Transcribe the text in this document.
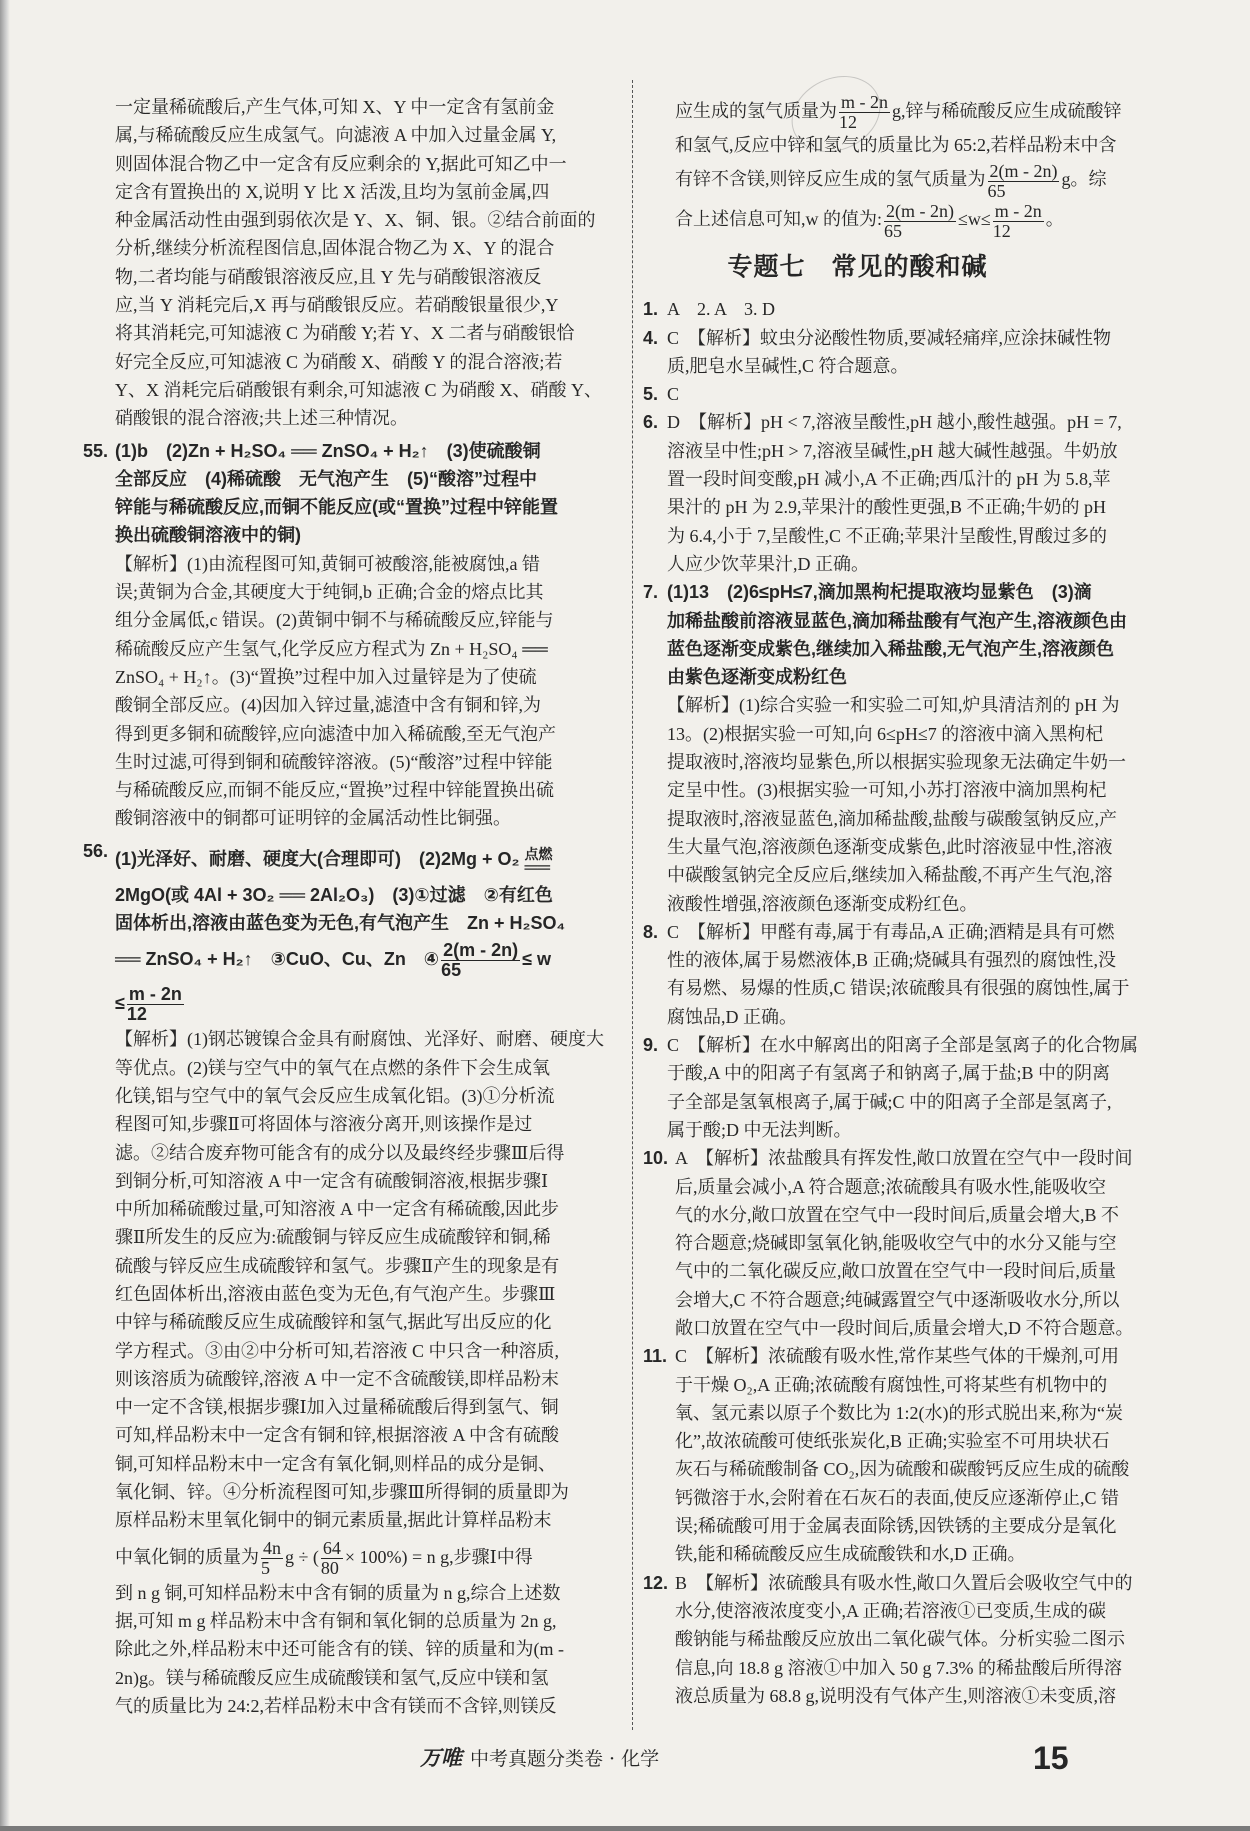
一定量稀硫酸后,产生气体,可知 X、Y 中一定含有氢前金
属,与稀硫酸反应生成氢气。向滤液 A 中加入过量金属 Y,
则固体混合物乙中一定含有反应剩余的 Y,据此可知乙中一
定含有置换出的 X,说明 Y 比 X 活泼,且均为氢前金属,四
种金属活动性由强到弱依次是 Y、X、铜、银。②结合前面的
分析,继续分析流程图信息,固体混合物乙为 X、Y 的混合
物,二者均能与硝酸银溶液反应,且 Y 先与硝酸银溶液反
应,当 Y 消耗完后,X 再与硝酸银反应。若硝酸银量很少,Y
将其消耗完,可知滤液 C 为硝酸 Y;若 Y、X 二者与硝酸银恰
好完全反应,可知滤液 C 为硝酸 X、硝酸 Y 的混合溶液;若
Y、X 消耗完后硝酸银有剩余,可知滤液 C 为硝酸 X、硝酸 Y、
硝酸银的混合溶液;共上述三种情况。
55. (1)b　(2)Zn + H₂SO₄ ══ ZnSO₄ + H₂↑　(3)使硫酸铜
全部反应　(4)稀硫酸　无气泡产生　(5)“酸溶”过程中
锌能与稀硫酸反应,而铜不能反应(或“置换”过程中锌能置
换出硫酸铜溶液中的铜)
【解析】(1)由流程图可知,黄铜可被酸溶,能被腐蚀,a 错
误;黄铜为合金,其硬度大于纯铜,b 正确;合金的熔点比其
组分金属低,c 错误。(2)黄铜中铜不与稀硫酸反应,锌能与
稀硫酸反应产生氢气,化学反应方程式为 Zn + H₂SO₄ ══
ZnSO₄ + H₂↑。(3)“置换”过程中加入过量锌是为了使硫
酸铜全部反应。(4)因加入锌过量,滤渣中含有铜和锌,为
得到更多铜和硫酸锌,应向滤渣中加入稀硫酸,至无气泡产
生时过滤,可得到铜和硫酸锌溶液。(5)“酸溶”过程中锌能
与稀硫酸反应,而铜不能反应,“置换”过程中锌能置换出硫
酸铜溶液中的铜都可证明锌的金属活动性比铜强。
56. (1)光泽好、耐磨、硬度大(合理即可)　(2)2Mg + O₂ 点燃
══
2MgO(或 4Al + 3O₂ ══ 2Al₂O₃)　(3)①过滤　②有红色
固体析出,溶液由蓝色变为无色,有气泡产生　Zn + H₂SO₄
══ ZnSO₄ + H₂↑　③CuO、Cu、Zn　④ $\frac{2(m - 2n)}{65} \le w$
≤ $\frac{m - 2n}{12}$
【解析】(1)钢芯镀镍合金具有耐腐蚀、光泽好、耐磨、硬度大
等优点。(2)镁与空气中的氧气在点燃的条件下会生成氧
化镁,铝与空气中的氧气会反应生成氧化铝。(3)①分析流
程图可知,步骤Ⅱ可将固体与溶液分离开,则该操作是过
滤。②结合废弃物可能含有的成分以及最终经步骤Ⅲ后得
到铜分析,可知溶液 A 中一定含有硫酸铜溶液,根据步骤Ⅰ
中所加稀硫酸过量,可知溶液 A 中一定含有稀硫酸,因此步
骤Ⅱ所发生的反应为:硫酸铜与锌反应生成硫酸锌和铜,稀
硫酸与锌反应生成硫酸锌和氢气。步骤Ⅱ产生的现象是有
红色固体析出,溶液由蓝色变为无色,有气泡产生。步骤Ⅲ
中锌与稀硫酸反应生成硫酸锌和氢气,据此写出反应的化
学方程式。③由②中分析可知,若溶液 C 中只含一种溶质,
则该溶质为硫酸锌,溶液 A 中一定不含硫酸镁,即样品粉末
中一定不含镁,根据步骤Ⅰ加入过量稀硫酸后得到氢气、铜
可知,样品粉末中一定含有铜和锌,根据溶液 A 中含有硫酸
铜,可知样品粉末中一定含有氧化铜,则样品的成分是铜、
氧化铜、锌。④分析流程图可知,步骤Ⅲ所得铜的质量即为
原样品粉末里氧化铜中的铜元素质量,据此计算样品粉末
中氧化铜的质量为 $\frac{4n}{5}$ g ÷ ( $\frac{64}{80} \times 100\%) = n$ g,步骤Ⅰ中得
到 n g 铜,可知样品粉末中含有铜的质量为 n g,综合上述数
据,可知 m g 样品粉末中含有铜和氧化铜的总质量为 2n g,
除此之外,样品粉末中还可能含有的镁、锌的质量和为(m -
2n)g。镁与稀硫酸反应生成硫酸镁和氢气,反应中镁和氢
气的质量比为 24:2,若样品粉末中含有镁而不含锌,则镁反
应生成的氢气质量为 $\frac{m - 2n}{12} g$,锌与稀硫酸反应生成硫酸锌
和氢气,反应中锌和氢气的质量比为 65:2,若样品粉末中含
有锌不含镁,则锌反应生成的氢气质量为 $\frac{2(m - 2n)}{65}$ g。综
合上述信息可知,w 的值为: $\frac{2(m - 2n)}{65} \le w\le \frac{m - 2n}{12}$ 。
专题七　常见的酸和碱
1. A　2. A　3. D
4. C　【解析】蚊虫分泌酸性物质,要减轻痛痒,应涂抹碱性物
质,肥皂水呈碱性,C 符合题意。
5. C
6. D　【解析】pH < 7,溶液呈酸性,pH 越小,酸性越强。pH = 7,
溶液呈中性;pH > 7,溶液呈碱性,pH 越大碱性越强。牛奶放
置一段时间变酸,pH 减小,A 不正确;西瓜汁的 pH 为 5.8,苹
果汁的 pH 为 2.9,苹果汁的酸性更强,B 不正确;牛奶的 pH
为 6.4,小于 7,呈酸性,C 不正确;苹果汁呈酸性,胃酸过多的
人应少饮苹果汁,D 正确。
7. (1)13　(2)6≤pH≤7,滴加黑枸杞提取液均显紫色　(3)滴
加稀盐酸前溶液显蓝色,滴加稀盐酸有气泡产生,溶液颜色由
蓝色逐渐变成紫色,继续加入稀盐酸,无气泡产生,溶液颜色
由紫色逐渐变成粉红色
【解析】(1)综合实验一和实验二可知,炉具清洁剂的 pH 为
13。(2)根据实验一可知,向 6≤pH≤7 的溶液中滴入黑枸杞
提取液时,溶液均显紫色,所以根据实验现象无法确定牛奶一
定呈中性。(3)根据实验一可知,小苏打溶液中滴加黑枸杞
提取液时,溶液显蓝色,滴加稀盐酸,盐酸与碳酸氢钠反应,产
生大量气泡,溶液颜色逐渐变成紫色,此时溶液显中性,溶液
中碳酸氢钠完全反应后,继续加入稀盐酸,不再产生气泡,溶
液酸性增强,溶液颜色逐渐变成粉红色。
8. C　【解析】甲醛有毒,属于有毒品,A 正确;酒精是具有可燃
性的液体,属于易燃液体,B 正确;烧碱具有强烈的腐蚀性,没
有易燃、易爆的性质,C 错误;浓硫酸具有很强的腐蚀性,属于
腐蚀品,D 正确。
9. C　【解析】在水中解离出的阳离子全部是氢离子的化合物属
于酸,A 中的阳离子有氢离子和钠离子,属于盐;B 中的阴离
子全部是氢氧根离子,属于碱;C 中的阳离子全部是氢离子,
属于酸;D 中无法判断。
10. A　【解析】浓盐酸具有挥发性,敞口放置在空气中一段时间
后,质量会减小,A 符合题意;浓硫酸具有吸水性,能吸收空
气的水分,敞口放置在空气中一段时间后,质量会增大,B 不
符合题意;烧碱即氢氧化钠,能吸收空气中的水分又能与空
气中的二氧化碳反应,敞口放置在空气中一段时间后,质量
会增大,C 不符合题意;纯碱露置空气中逐渐吸收水分,所以
敞口放置在空气中一段时间后,质量会增大,D 不符合题意。
11. C　【解析】浓硫酸有吸水性,常作某些气体的干燥剂,可用
于干燥 O₂,A 正确;浓硫酸有腐蚀性,可将某些有机物中的
氧、氢元素以原子个数比为 1:2(水)的形式脱出来,称为“炭
化”,故浓硫酸可使纸张炭化,B 正确;实验室不可用块状石
灰石与稀硫酸制备 CO₂,因为硫酸和碳酸钙反应生成的硫酸
钙微溶于水,会附着在石灰石的表面,使反应逐渐停止,C 错
误;稀硫酸可用于金属表面除锈,因铁锈的主要成分是氧化
铁,能和稀硫酸反应生成硫酸铁和水,D 正确。
12. B　【解析】浓硫酸具有吸水性,敞口久置后会吸收空气中的
水分,使溶液浓度变小,A 正确;若溶液①已变质,生成的碳
酸钠能与稀盐酸反应放出二氧化碳气体。分析实验二图示
信息,向 18.8 g 溶液①中加入 50 g 7.3% 的稀盐酸后所得溶
液总质量为 68.8 g,说明没有气体产生,则溶液①未变质,溶
万唯 中考真题分类卷 · 化学	15
